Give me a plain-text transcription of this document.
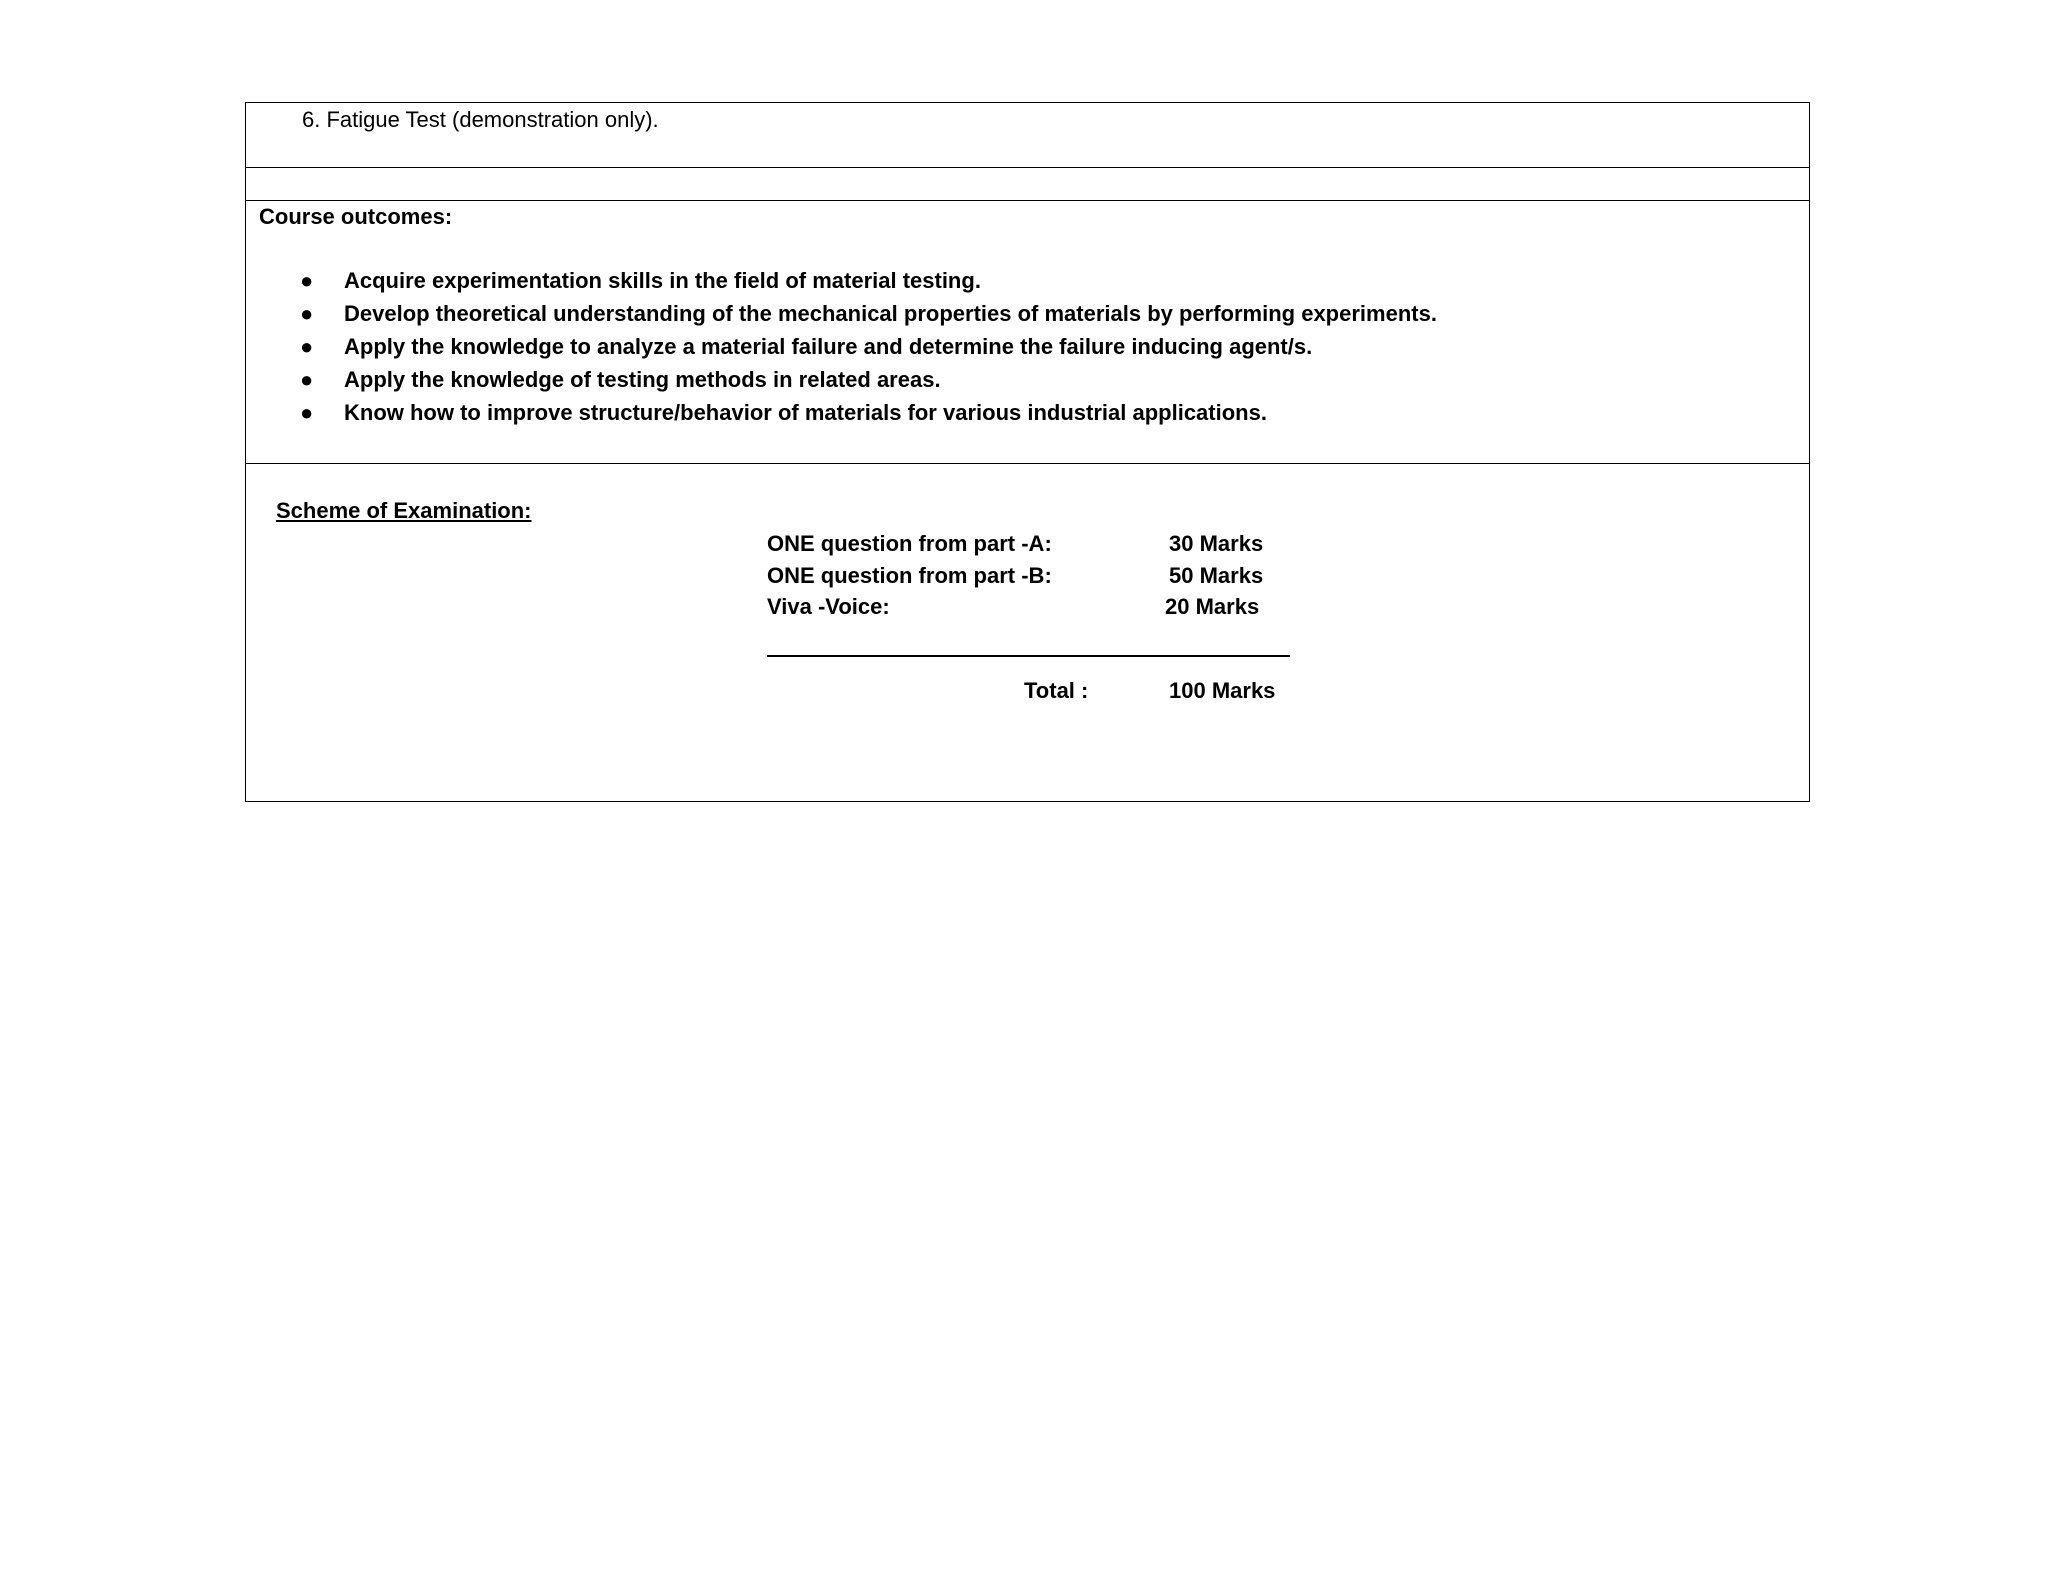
6. Fatigue Test (demonstration only).
Course outcomes:
● Acquire experimentation skills in the field of material testing.
● Develop theoretical understanding of the mechanical properties of materials by performing experiments.
● Apply the knowledge to analyze a material failure and determine the failure inducing agent/s.
● Apply the knowledge of testing methods in related areas.
● Know how to improve structure/behavior of materials for various industrial applications.
Scheme of Examination:
ONE question from part -A:	30 Marks
ONE question from part -B:	50 Marks
Viva -Voice:	20 Marks
Total :	100 Marks
